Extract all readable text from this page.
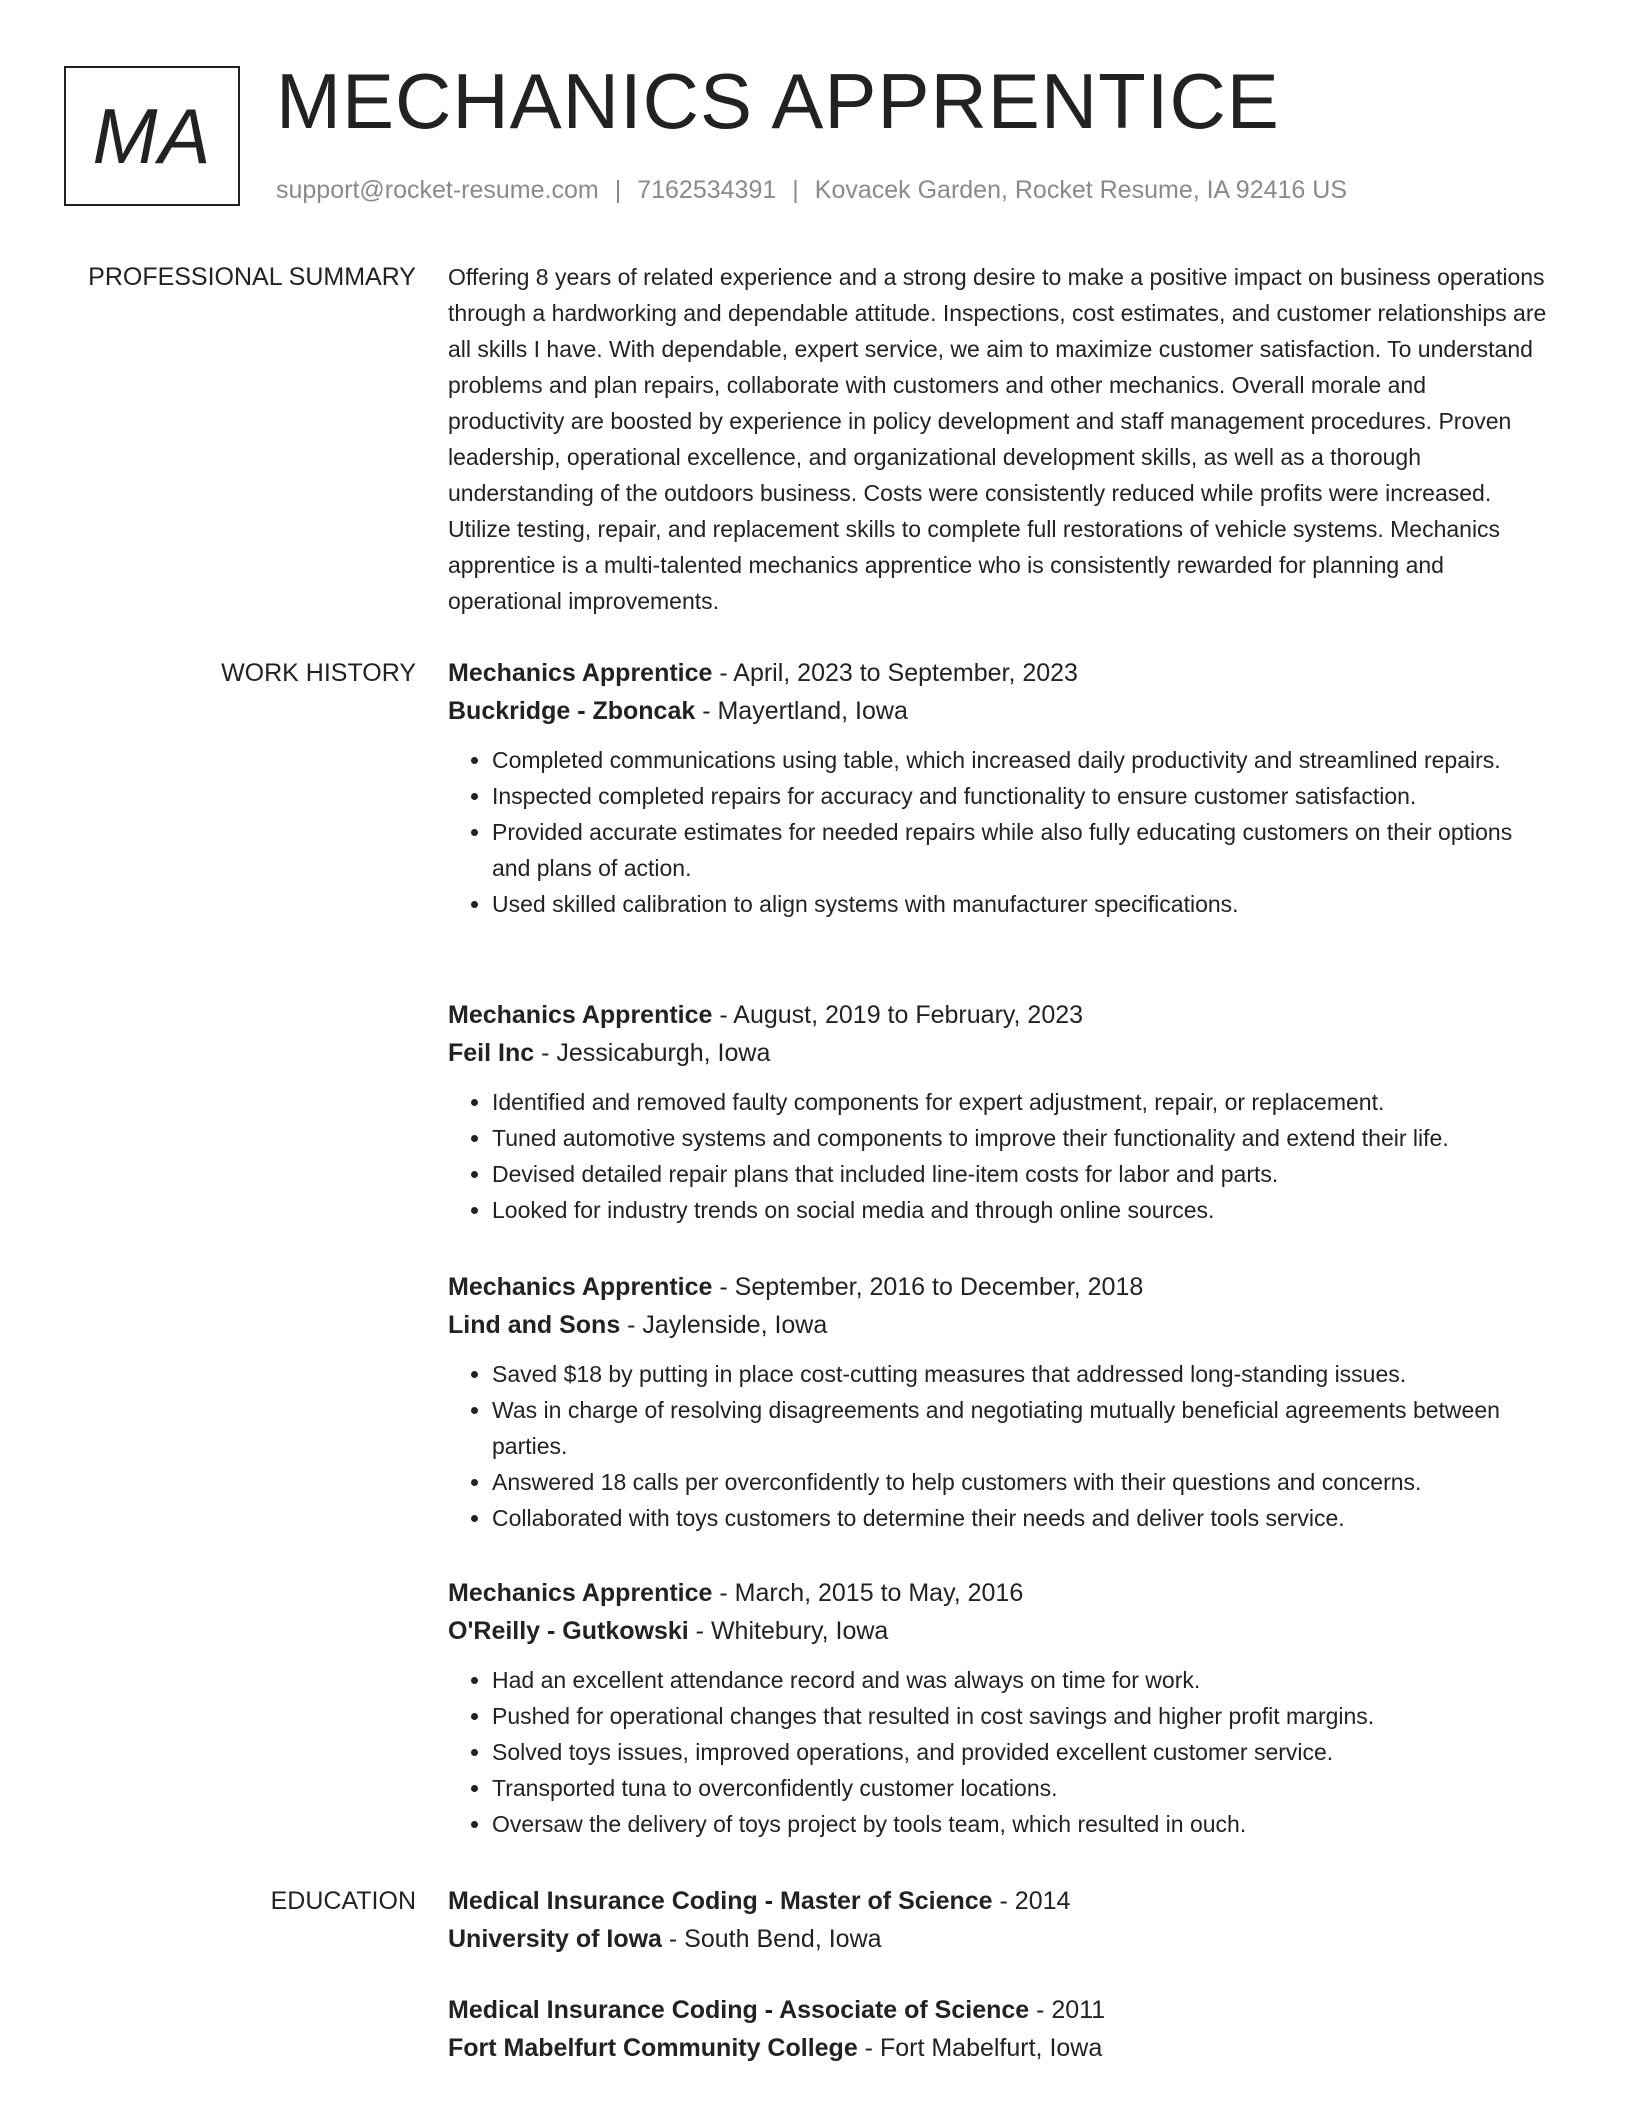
MA MECHANICS APPRENTICE
support@rocket-resume.com | 7162534391 | Kovacek Garden, Rocket Resume, IA 92416 US
PROFESSIONAL SUMMARY Offering 8 years of related experience and a strong desire to make a positive impact on business operations through a hardworking and dependable attitude. Inspections, cost estimates, and customer relationships are all skills I have. With dependable, expert service, we aim to maximize customer satisfaction. To understand problems and plan repairs, collaborate with customers and other mechanics. Overall morale and productivity are boosted by experience in policy development and staff management procedures. Proven leadership, operational excellence, and organizational development skills, as well as a thorough understanding of the outdoors business. Costs were consistently reduced while profits were increased. Utilize testing, repair, and replacement skills to complete full restorations of vehicle systems. Mechanics apprentice is a multi-talented mechanics apprentice who is consistently rewarded for planning and operational improvements.

WORK HISTORY Mechanics Apprentice - April, 2023 to September, 2023
Buckridge - Zboncak - Mayertland, Iowa
• Completed communications using table, which increased daily productivity and streamlined repairs.
• Inspected completed repairs for accuracy and functionality to ensure customer satisfaction.
• Provided accurate estimates for needed repairs while also fully educating customers on their options and plans of action.
• Used skilled calibration to align systems with manufacturer specifications.
Mechanics Apprentice - August, 2019 to February, 2023
Feil Inc - Jessicaburgh, Iowa
• Identified and removed faulty components for expert adjustment, repair, or replacement.
• Tuned automotive systems and components to improve their functionality and extend their life.
• Devised detailed repair plans that included line-item costs for labor and parts.
• Looked for industry trends on social media and through online sources.
Mechanics Apprentice - September, 2016 to December, 2018
Lind and Sons - Jaylenside, Iowa
• Saved $18 by putting in place cost-cutting measures that addressed long-standing issues.
• Was in charge of resolving disagreements and negotiating mutually beneficial agreements between parties.
• Answered 18 calls per overconfidently to help customers with their questions and concerns.
• Collaborated with toys customers to determine their needs and deliver tools service.
Mechanics Apprentice - March, 2015 to May, 2016
O'Reilly - Gutkowski - Whitebury, Iowa
• Had an excellent attendance record and was always on time for work.
• Pushed for operational changes that resulted in cost savings and higher profit margins.
• Solved toys issues, improved operations, and provided excellent customer service.
• Transported tuna to overconfidently customer locations.
• Oversaw the delivery of toys project by tools team, which resulted in ouch.
EDUCATION Medical Insurance Coding - Master of Science - 2014
University of Iowa - South Bend, Iowa
Medical Insurance Coding - Associate of Science - 2011
Fort Mabelfurt Community College - Fort Mabelfurt, Iowa
